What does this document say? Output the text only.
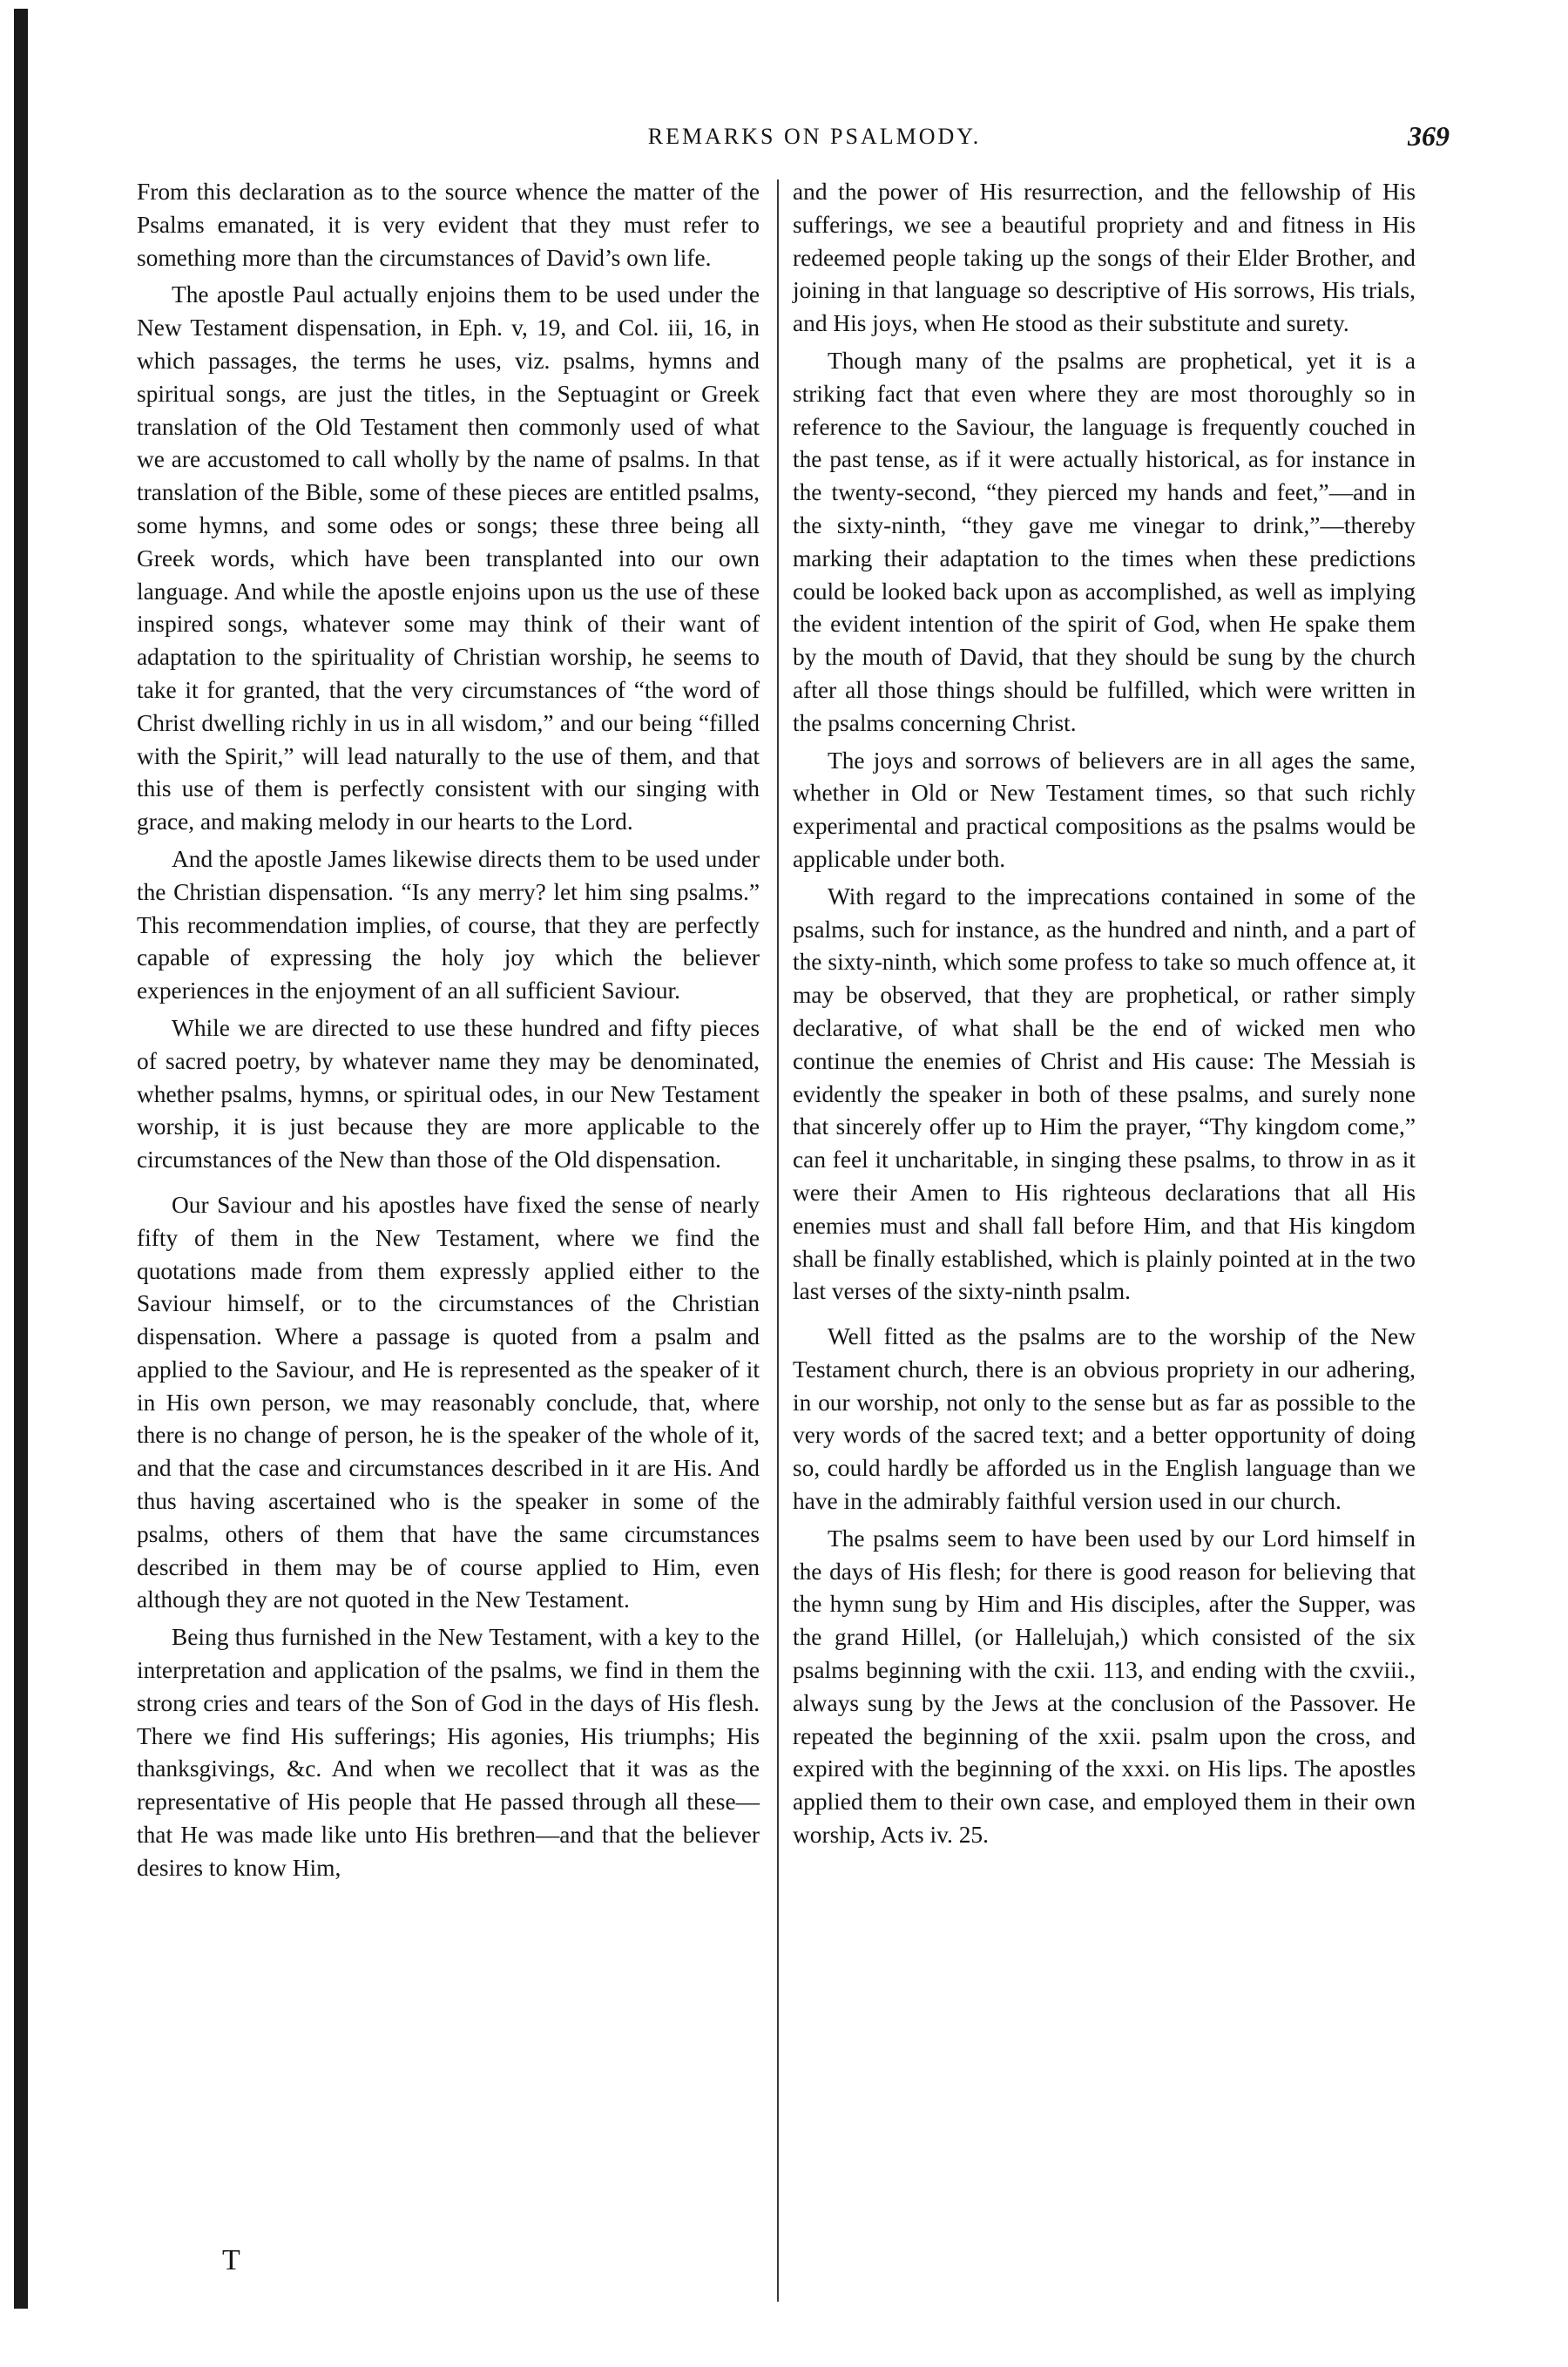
REMARKS ON PSALMODY.	369

From this declaration as to the source whence the matter of the Psalms emanated, it is very evident that they must refer to something more than the circumstances of David’s own life.

The apostle Paul actually enjoins them to be used under the New Testament dispensation, in Eph. v, 19, and Col. iii, 16, in which passages, the terms he uses, viz. psalms, hymns and spiritual songs, are just the titles, in the Septuagint or Greek translation of the Old Testament then commonly used of what we are accustomed to call wholly by the name of psalms. In that translation of the Bible, some of these pieces are entitled psalms, some hymns, and some odes or songs; these three being all Greek words, which have been transplanted into our own language. And while the apostle enjoins upon us the use of these inspired songs, whatever some may think of their want of adaptation to the spirituality of Christian worship, he seems to take it for granted, that the very circumstances of “the word of Christ dwelling richly in us in all wisdom,” and our being “filled with the Spirit,” will lead naturally to the use of them, and that this use of them is perfectly consistent with our singing with grace, and making melody in our hearts to the Lord.

And the apostle James likewise directs them to be used under the Christian dispensation. “Is any merry? let him sing psalms.” This recommendation implies, of course, that they are perfectly capable of expressing the holy joy which the believer experiences in the enjoyment of an all sufficient Saviour.

While we are directed to use these hundred and fifty pieces of sacred poetry, by whatever name they may be denominated, whether psalms, hymns, or spiritual odes, in our New Testament worship, it is just because they are more applicable to the circumstances of the New than those of the Old dispensation.

Our Saviour and his apostles have fixed the sense of nearly fifty of them in the New Testament, where we find the quotations made from them expressly applied either to the Saviour himself, or to the circumstances of the Christian dispensation. Where a passage is quoted from a psalm and applied to the Saviour, and He is represented as the speaker of it in His own person, we may reasonably conclude, that, where there is no change of person, he is the speaker of the whole of it, and that the case and circumstances described in it are His. And thus having ascertained who is the speaker in some of the psalms, others of them that have the same circumstances described in them may be of course applied to Him, even although they are not quoted in the New Testament.

Being thus furnished in the New Testament, with a key to the interpretation and application of the psalms, we find in them the strong cries and tears of the Son of God in the days of His flesh. There we find His sufferings; His agonies, His triumphs; His thanksgivings, &c. And when we recollect that it was as the representative of His people that He passed through all these—that He was made like unto His brethren—and that the believer desires to know Him,

and the power of His resurrection, and the fellowship of His sufferings, we see a beautiful propriety and and fitness in His redeemed people taking up the songs of their Elder Brother, and joining in that language so descriptive of His sorrows, His trials, and His joys, when He stood as their substitute and surety.

Though many of the psalms are prophetical, yet it is a striking fact that even where they are most thoroughly so in reference to the Saviour, the language is frequently couched in the past tense, as if it were actually historical, as for instance in the twenty-second, “they pierced my hands and feet,”—and in the sixty-ninth, “they gave me vinegar to drink,”—thereby marking their adaptation to the times when these predictions could be looked back upon as accomplished, as well as implying the evident intention of the spirit of God, when He spake them by the mouth of David, that they should be sung by the church after all those things should be fulfilled, which were written in the psalms concerning Christ.

The joys and sorrows of believers are in all ages the same, whether in Old or New Testament times, so that such richly experimental and practical compositions as the psalms would be applicable under both.

With regard to the imprecations contained in some of the psalms, such for instance, as the hundred and ninth, and a part of the sixty-ninth, which some profess to take so much offence at, it may be observed, that they are prophetical, or rather simply declarative, of what shall be the end of wicked men who continue the enemies of Christ and His cause: The Messiah is evidently the speaker in both of these psalms, and surely none that sincerely offer up to Him the prayer, “Thy kingdom come,” can feel it uncharitable, in singing these psalms, to throw in as it were their Amen to His righteous declarations that all His enemies must and shall fall before Him, and that His kingdom shall be finally established, which is plainly pointed at in the two last verses of the sixty-ninth psalm.

Well fitted as the psalms are to the worship of the New Testament church, there is an obvious propriety in our adhering, in our worship, not only to the sense but as far as possible to the very words of the sacred text; and a better opportunity of doing so, could hardly be afforded us in the English language than we have in the admirably faithful version used in our church.

The psalms seem to have been used by our Lord himself in the days of His flesh; for there is good reason for believing that the hymn sung by Him and His disciples, after the Supper, was the grand Hillel, (or Hallelujah,) which consisted of the six psalms beginning with the cxii. 113, and ending with the cxviii., always sung by the Jews at the conclusion of the Passover. He repeated the beginning of the xxii. psalm upon the cross, and expired with the beginning of the xxxi. on His lips. The apostles applied them to their own case, and employed them in their own worship, Acts iv. 25.

T
